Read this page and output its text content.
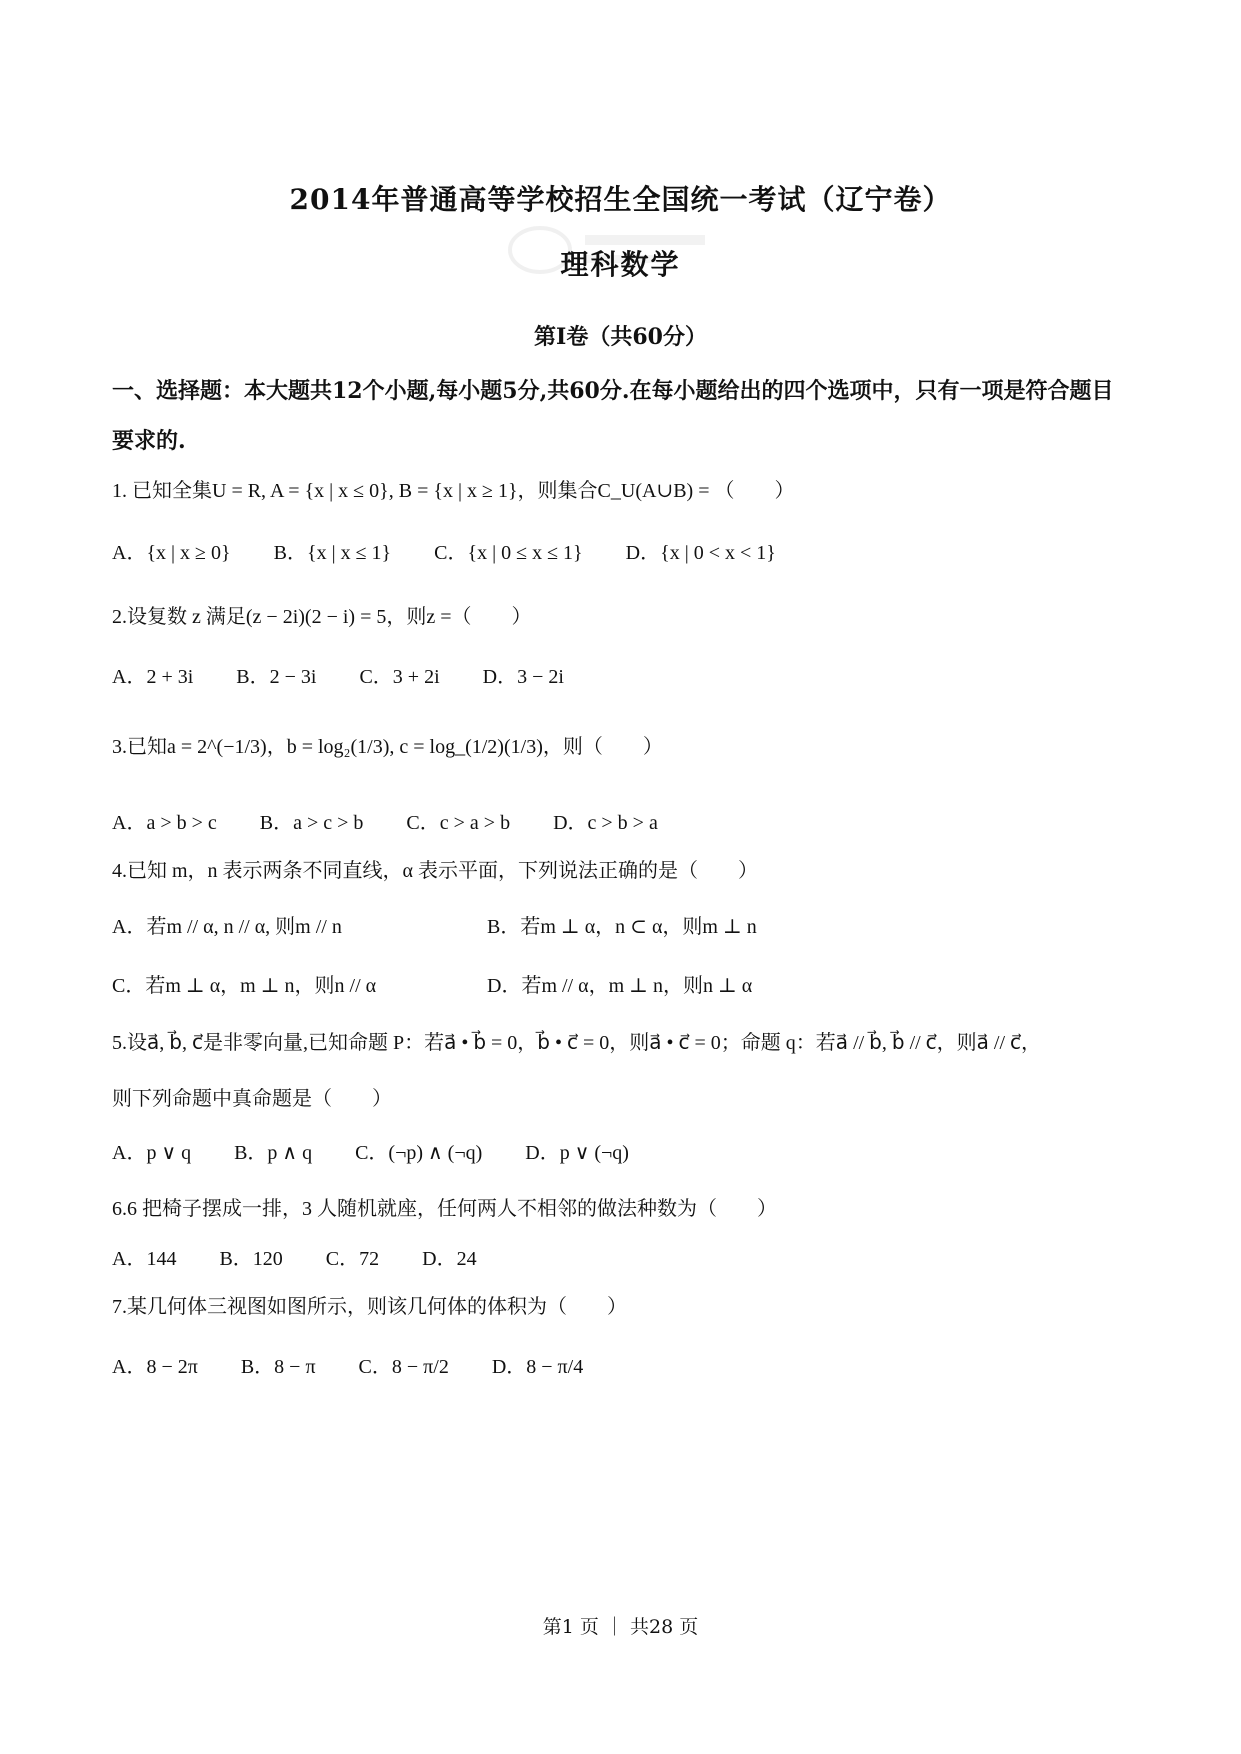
2014年普通高等学校招生全国统一考试（辽宁卷）
理科数学
第Ⅰ卷（共60分）
一、选择题：本大题共12个小题,每小题5分,共60分.在每小题给出的四个选项中，只有一项是符合题目要求的.
1. 已知全集U = R, A = {x | x ≤ 0}, B = {x | x ≥ 1}，则集合C_U(A∪B) = （　　）
A．{x | x ≥ 0} B．{x | x ≤ 1} C．{x | 0 ≤ x ≤ 1} D．{x | 0 < x < 1}
2.设复数 z 满足(z − 2i)(2 − i) = 5，则z =（　　）
A．2 + 3i B．2 − 3i C．3 + 2i D．3 − 2i
3.已知a = 2^(−1/3)，b = log₂(1/3), c = log_(1/2)(1/3)，则（　　）
A．a > b > c B．a > c > b C．c > a > b D．c > b > a
4.已知 m，n 表示两条不同直线，α 表示平面，下列说法正确的是（　　）
A．若m // α, n // α, 则m // n	B．若m ⊥ α，n ⊂ α，则m ⊥ n
C．若m ⊥ α，m ⊥ n，则n // α	D．若m // α，m ⊥ n，则n ⊥ α
5.设a⃗, b⃗, c⃗是非零向量,已知命题 P：若a⃗ • b⃗ = 0，b⃗ • c⃗ = 0，则a⃗ • c⃗ = 0；命题 q：若a⃗ // b⃗, b⃗ // c⃗，则a⃗ // c⃗，
则下列命题中真命题是（　　）
A．p ∨ q B．p ∧ q C．(¬p) ∧ (¬q) D．p ∨ (¬q)
6.6 把椅子摆成一排，3 人随机就座，任何两人不相邻的做法种数为（　　）
A．144 B．120 C．72 D．24
7.某几何体三视图如图所示，则该几何体的体积为（　　）
A．8 − 2π B．8 − π C．8 − π/2 D．8 − π/4
第1 页 ｜ 共28 页
